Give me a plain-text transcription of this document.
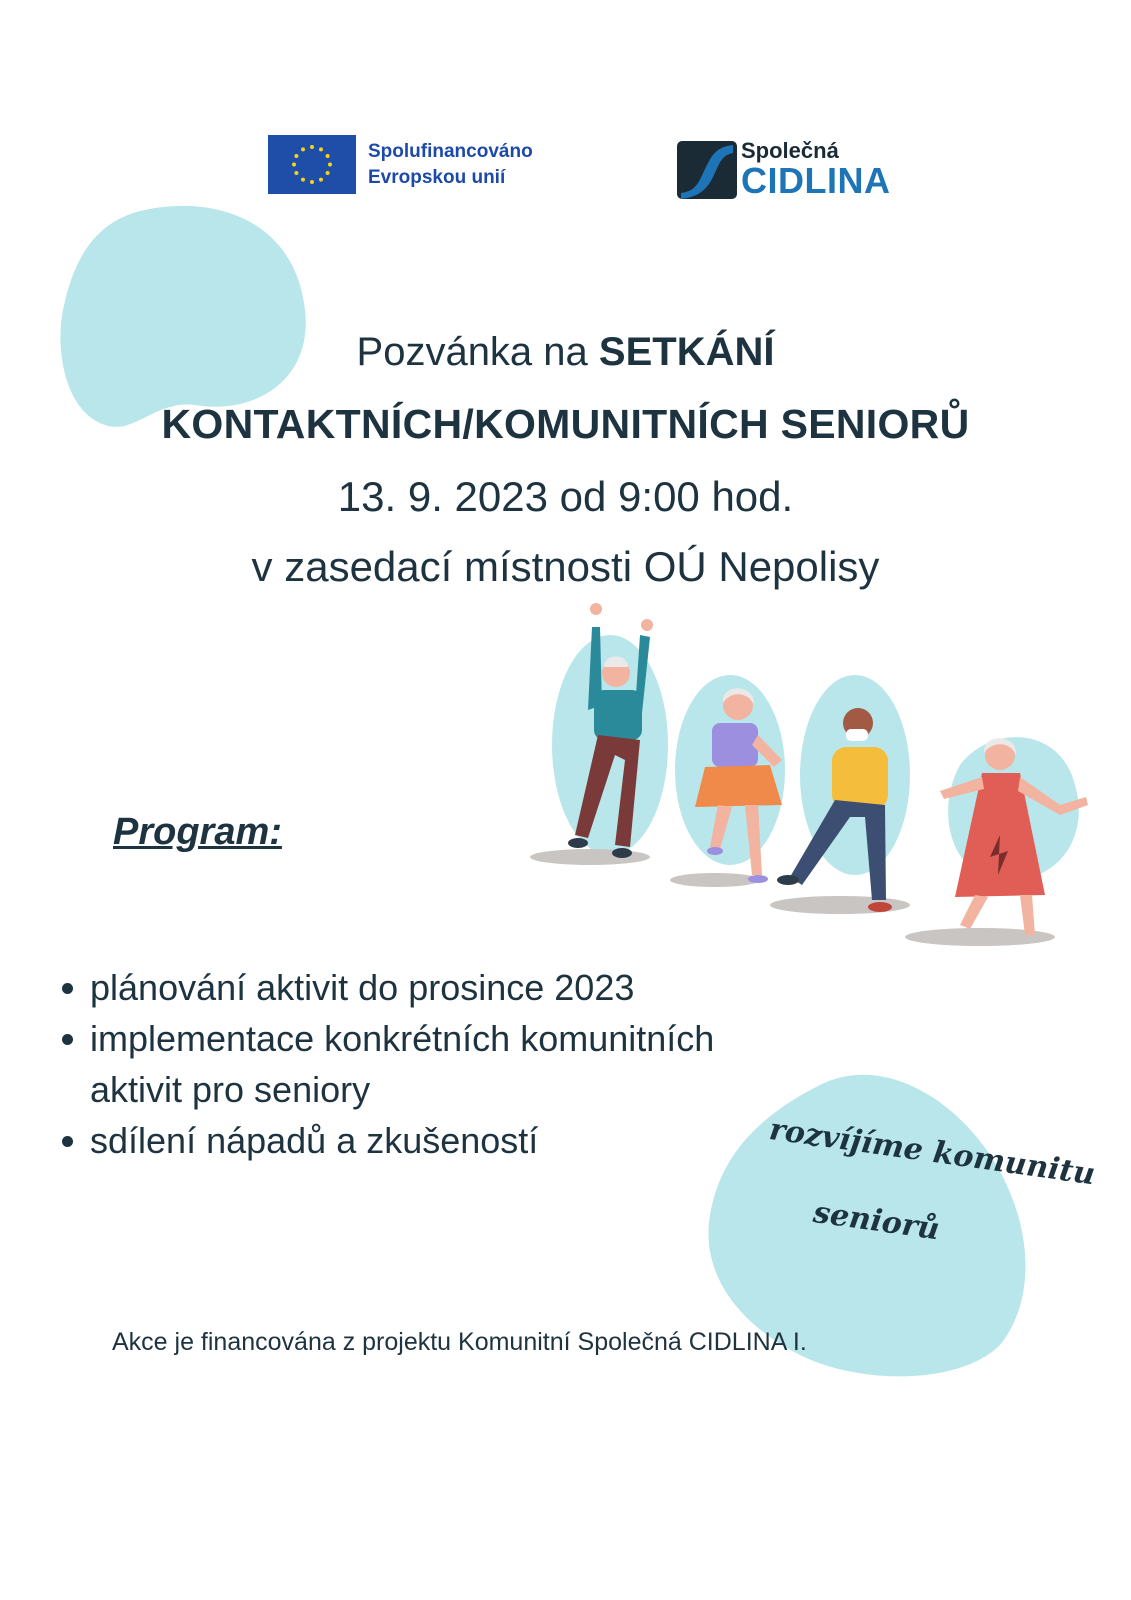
Spolufinancováno
Evropskou unií
Společná
CIDLINA
Pozvánka na SETKÁNÍ
KONTAKTNÍCH/KOMUNITNÍCH SENIORŮ
13. 9. 2023 od 9:00 hod.
v zasedací místnosti OÚ Nepolisy
Program:
plánování aktivit do prosince 2023
implementace konkrétních komunitních aktivit pro seniory
sdílení nápadů a zkušeností	rozvíjíme komunitu
seniorů
Akce je financována z projektu Komunitní Společná CIDLINA I.
